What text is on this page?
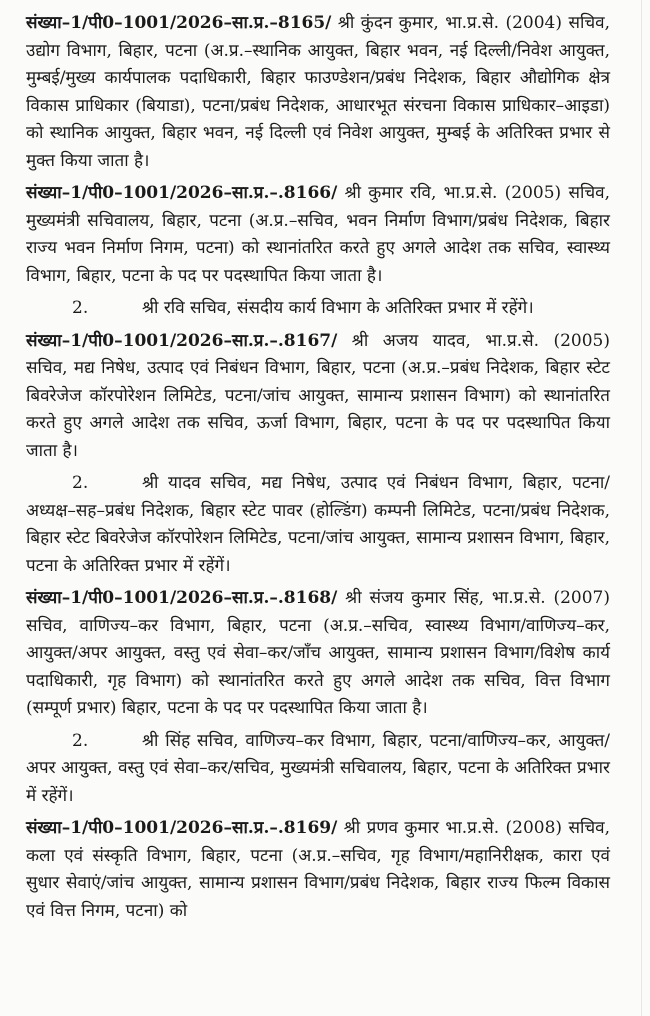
संख्या–1/पी0–1001/2026–सा.प्र.–8165/ श्री कुंदन कुमार, भा.प्र.से. (2004) सचिव, उद्योग विभाग, बिहार, पटना (अ.प्र.–स्थानिक आयुक्त, बिहार भवन, नई दिल्ली/निवेश आयुक्त, मुम्बई/मुख्य कार्यपालक पदाधिकारी, बिहार फाउण्डेशन/प्रबंध निदेशक, बिहार औद्योगिक क्षेत्र विकास प्राधिकार (बियाडा), पटना/प्रबंध निदेशक, आधारभूत संरचना विकास प्राधिकार–आइडा) को स्थानिक आयुक्त, बिहार भवन, नई दिल्ली एवं निवेश आयुक्त, मुम्बई के अतिरिक्त प्रभार से मुक्त किया जाता है।

संख्या–1/पी0–1001/2026–सा.प्र.–.8166/ श्री कुमार रवि, भा.प्र.से. (2005) सचिव, मुख्यमंत्री सचिवालय, बिहार, पटना (अ.प्र.–सचिव, भवन निर्माण विभाग/प्रबंध निदेशक, बिहार राज्य भवन निर्माण निगम, पटना) को स्थानांतरित करते हुए अगले आदेश तक सचिव, स्वास्थ्य विभाग, बिहार, पटना के पद पर पदस्थापित किया जाता है।

2.	श्री रवि सचिव, संसदीय कार्य विभाग के अतिरिक्त प्रभार में रहेंगे।

संख्या–1/पी0–1001/2026–सा.प्र.–.8167/ श्री अजय यादव, भा.प्र.से. (2005) सचिव, मद्य निषेध, उत्पाद एवं निबंधन विभाग, बिहार, पटना (अ.प्र.–प्रबंध निदेशक, बिहार स्टेट बिवरेजेज कॉरपोरेशन लिमिटेड, पटना/जांच आयुक्त, सामान्य प्रशासन विभाग) को स्थानांतरित करते हुए अगले आदेश तक सचिव, ऊर्जा विभाग, बिहार, पटना के पद पर पदस्थापित किया जाता है।

2.	श्री यादव सचिव, मद्य निषेध, उत्पाद एवं निबंधन विभाग, बिहार, पटना/अध्यक्ष–सह–प्रबंध निदेशक, बिहार स्टेट पावर (होल्डिंग) कम्पनी लिमिटेड, पटना/प्रबंध निदेशक, बिहार स्टेट बिवरेजेज कॉरपोरेशन लिमिटेड, पटना/जांच आयुक्त, सामान्य प्रशासन विभाग, बिहार, पटना के अतिरिक्त प्रभार में रहेंगें।

संख्या–1/पी0–1001/2026–सा.प्र.–.8168/ श्री संजय कुमार सिंह, भा.प्र.से. (2007) सचिव, वाणिज्य–कर विभाग, बिहार, पटना (अ.प्र.–सचिव, स्वास्थ्य विभाग/वाणिज्य–कर, आयुक्त/अपर आयुक्त, वस्तु एवं सेवा–कर/जॉंच आयुक्त, सामान्य प्रशासन विभाग/विशेष कार्य पदाधिकारी, गृह विभाग) को स्थानांतरित करते हुए अगले आदेश तक सचिव, वित्त विभाग (सम्पूर्ण प्रभार) बिहार, पटना के पद पर पदस्थापित किया जाता है।

2.	श्री सिंह सचिव, वाणिज्य–कर विभाग, बिहार, पटना/वाणिज्य–कर, आयुक्त/अपर आयुक्त, वस्तु एवं सेवा–कर/सचिव, मुख्यमंत्री सचिवालय, बिहार, पटना के अतिरिक्त प्रभार में रहेंगें।

संख्या–1/पी0–1001/2026–सा.प्र.–.8169/ श्री प्रणव कुमार भा.प्र.से. (2008) सचिव, कला एवं संस्कृति विभाग, बिहार, पटना (अ.प्र.–सचिव, गृह विभाग/महानिरीक्षक, कारा एवं सुधार सेवाएं/जांच आयुक्त, सामान्य प्रशासन विभाग/प्रबंध निदेशक, बिहार राज्य फिल्म विकास एवं वित्त निगम, पटना) को
